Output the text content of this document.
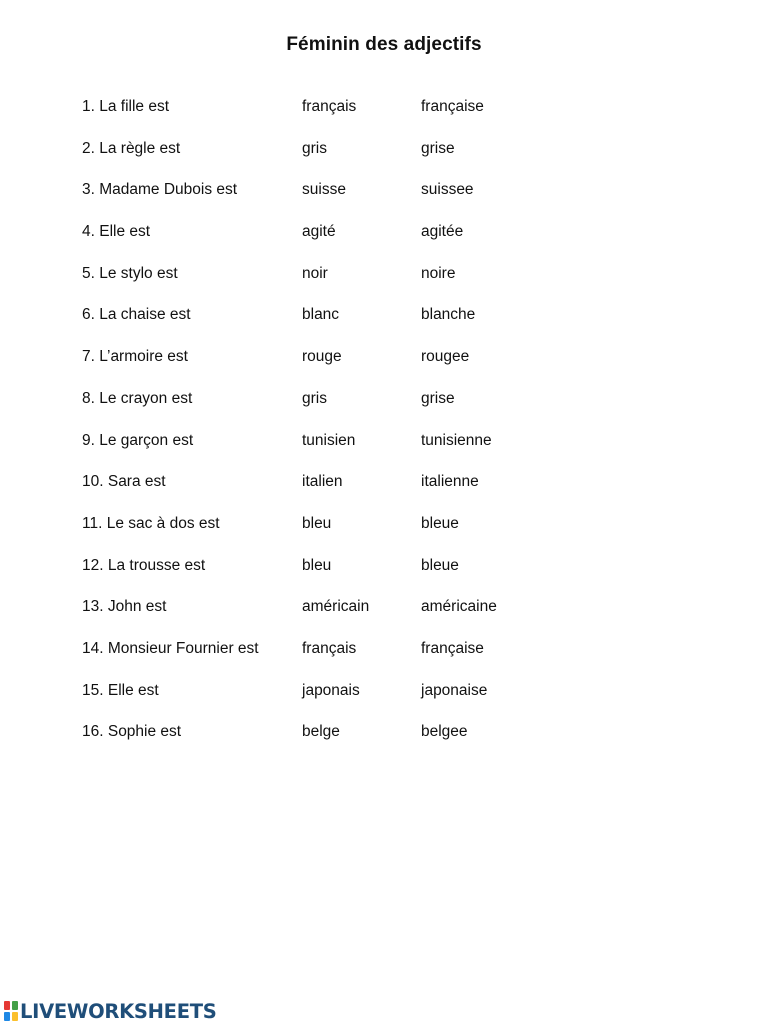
Féminin des adjectifs
1. La fille est	français	française
2. La règle est	gris	grise
3. Madame Dubois est	suisse	suissee
4. Elle est	agité	agitée
5. Le stylo est	noir	noire
6. La chaise est	blanc	blanche
7. L’armoire est	rouge	rougee
8. Le crayon est	gris	grise
9. Le garçon est	tunisien	tunisienne
10. Sara est	italien	italienne
11. Le sac à dos est	bleu	bleue
12. La trousse est	bleu	bleue
13. John est	américain	américaine
14. Monsieur Fournier est	français	française
15. Elle est	japonais	japonaise
16. Sophie est	belge	belgee
LIVEWORKSHEETS
